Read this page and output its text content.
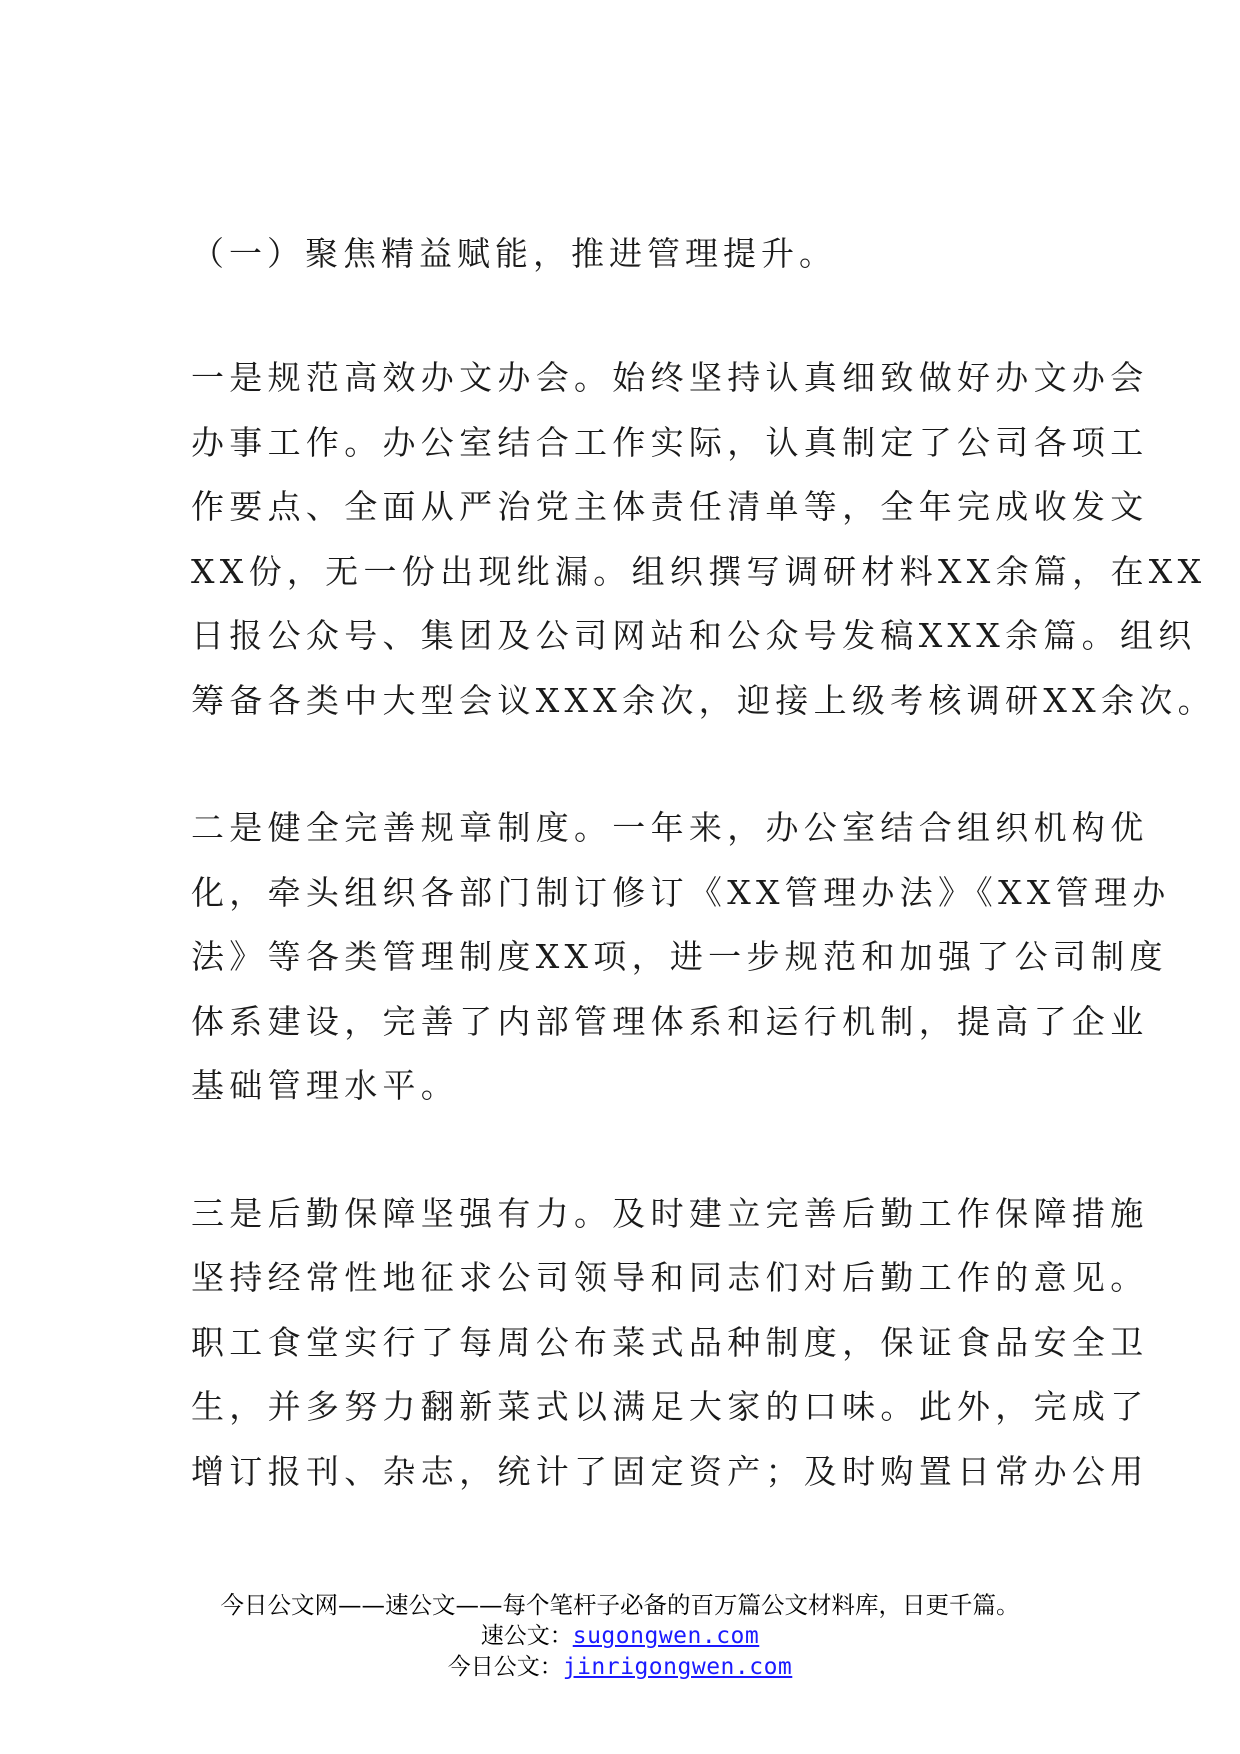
（一）聚焦精益赋能，推进管理提升。

一是规范高效办文办会。始终坚持认真细致做好办文办会
办事工作。办公室结合工作实际，认真制定了公司各项工
作要点、全面从严治党主体责任清单等，全年完成收发文
XX份，无一份出现纰漏。组织撰写调研材料XX余篇，在XX
日报公众号、集团及公司网站和公众号发稿XXX余篇。组织
筹备各类中大型会议XXX余次，迎接上级考核调研XX余次。
二是健全完善规章制度。一年来，办公室结合组织机构优
化，牵头组织各部门制订修订《XX管理办法》《XX管理办
法》等各类管理制度XX项，进一步规范和加强了公司制度
体系建设，完善了内部管理体系和运行机制，提高了企业
基础管理水平。
三是后勤保障坚强有力。及时建立完善后勤工作保障措施
坚持经常性地征求公司领导和同志们对后勤工作的意见。
职工食堂实行了每周公布菜式品种制度，保证食品安全卫
生，并多努力翻新菜式以满足大家的口味。此外，完成了
增订报刊、杂志，统计了固定资产；及时购置日常办公用

今日公文网——速公文——每个笔杆子必备的百万篇公文材料库，日更千篇。

速公文：sugongwen.com

今日公文：jinrigongwen.com
